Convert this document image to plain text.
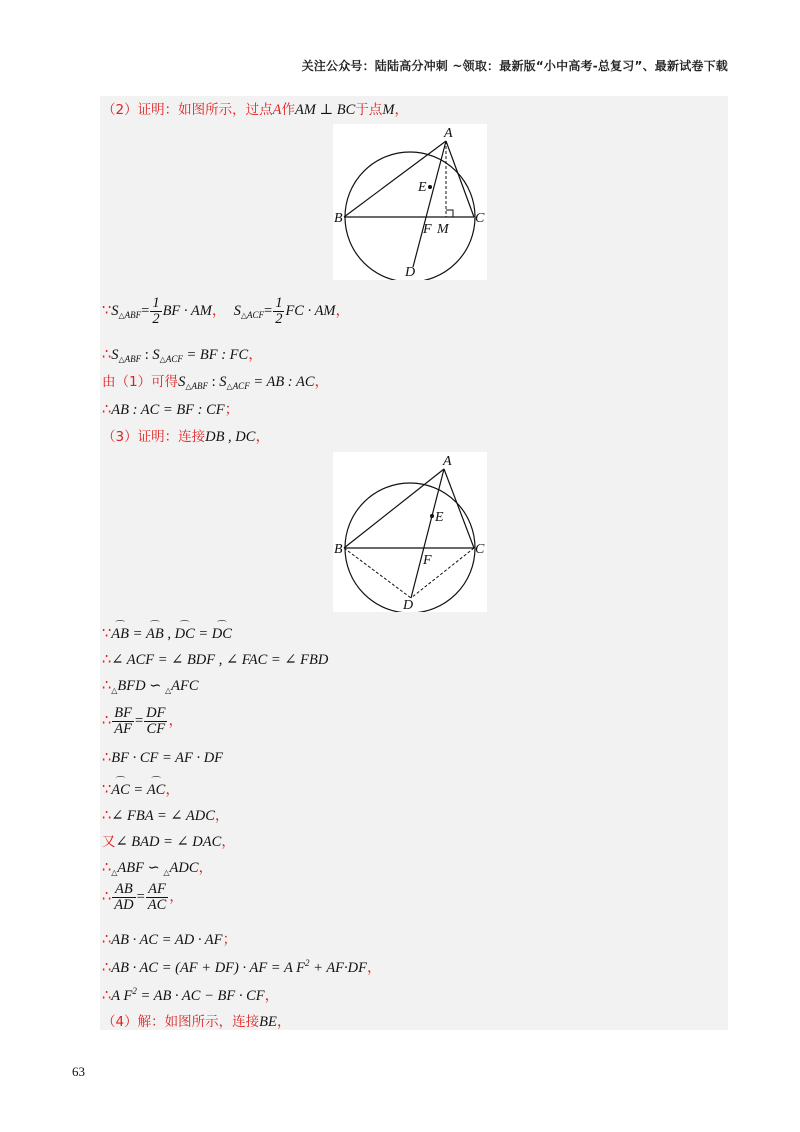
关注公众号：陆陆高分冲刺 ~领取：最新版“小中高考-总复习”、最新试卷下载
（2）证明：如图所示，过点A作AM ⊥ BC于点M，
A
B	C
D
E
F M
$\because S_{\triangle ABF}= \frac{1}{2}$ BF · AM， $S_{\triangle ACF}= \frac{1}{2}$ FC · AM，
$\therefore S_{\triangle ABF}$ : $S_{\triangle ACF}$ = BF : FC，
由（1）可得$S_{\triangle ABF}$ : $S_{\triangle ACF}$ = AB : AC，
∴AB : AC = BF : CF；
（3）证明：连接DB , DC，
A
B	C
D
E
F
∵⌒ AB = ⌒ AB , ⌒ DC = ⌒ DC
∴∠ ACF = ∠ BDF , ∠ FAC = ∠ FBD
$\therefore_\triangle BFD$ ∽ $_\triangle$AFC
∴ $\frac{BF}{AF} = \frac{DF}{CF}$ ，
∴BF · CF = AF · DF
∵⌒ AC = ⌒ AC，
∴∠ FBA = ∠ ADC，
又∠ BAD = ∠ DAC，
$\therefore_\triangle ABF$ ∽ $_\triangle$ADC，
∴ $\frac{AB}{AD} = \frac{AF}{AC}$ ，
∴AB · AC = AD · AF；
∴AB · AC = (AF + DF) · AF = A $F^2 + AF\cdot DF$，
∴A $F^2$ = AB · AC − BF · CF，
（4）解：如图所示，连接BE，
63
